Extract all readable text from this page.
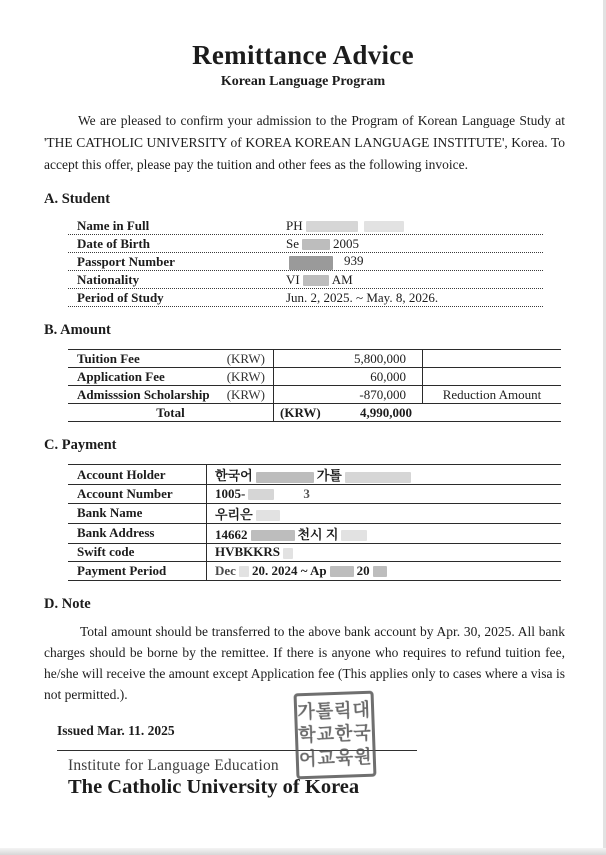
Remittance Advice
Korean Language Program

We are pleased to confirm your admission to the Program of Korean Language Study at 'THE CATHOLIC UNIVERSITY of KOREA KOREAN LANGUAGE INSTITUTE', Korea. To accept this offer, please pay the tuition and other fees as the following invoice.

A. Student
Name in Full	PH
Date of Birth	Se	2005
Passport Number	939
Nationality	VI AM
Period of Study	Jun. 2, 2025. ~ May. 8, 2026.
B. Amount
Tuition Fee (KRW)	5,800,000	

Application Fee (KRW)	60,000	

Admisssion Scholarship (KRW)	-870,000	Reduction Amount
Total	(KRW) 4,990,000	
C. Payment
Account Holder	한국어 가톨
Account Number	1005- 3
Bank Name	우리은
Bank Address	14662 천시 지
Swift code	HVBKKRS
Payment Period	Dec 20. 2024 ~ Ap 20
D. Note

Total amount should be transferred to the above bank account by Apr. 30, 2025. All bank charges should be borne by the remittee. If there is anyone who requires to refund tuition fee, he/she will receive the amount except Application fee (This applies only to cases where a visa is not permitted.).

Issued Mar. 11. 2025
Institute for Language Education
The Catholic University of Korea
가톨릭대
학교한국
어교육원
